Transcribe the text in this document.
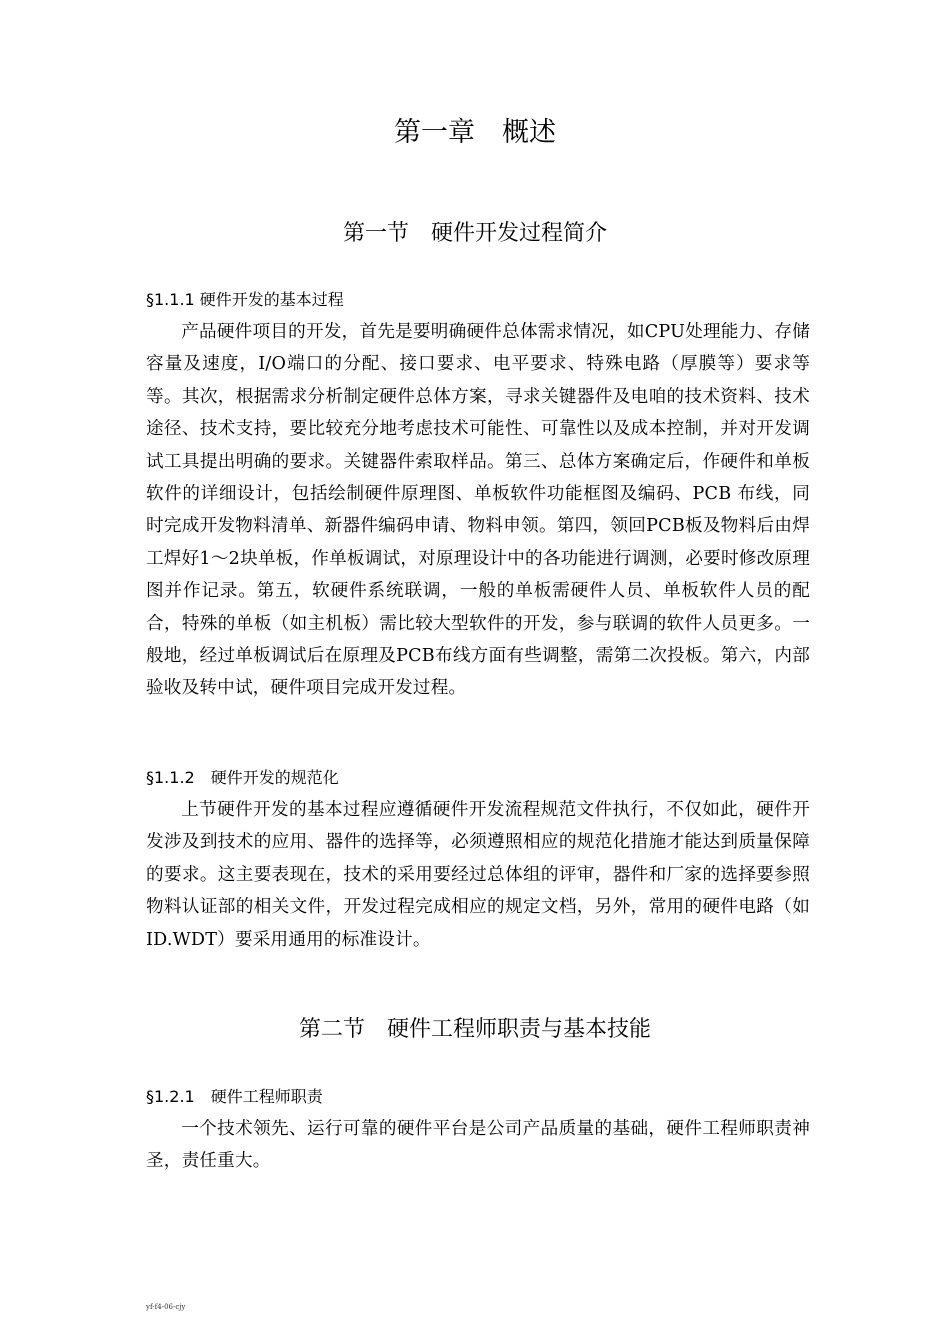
第一章　概述
第一节　硬件开发过程简介
§1.1.1 硬件开发的基本过程

产品硬件项目的开发，首先是要明确硬件总体需求情况，如CPU处理能力、存储容量及速度，I/O端口的分配、接口要求、电平要求、特殊电路（厚膜等）要求等等。其次，根据需求分析制定硬件总体方案，寻求关键器件及电咱的技术资料、技术途径、技术支持，要比较充分地考虑技术可能性、可靠性以及成本控制，并对开发调试工具提出明确的要求。关键器件索取样品。第三、总体方案确定后，作硬件和单板软件的详细设计，包括绘制硬件原理图、单板软件功能框图及编码、PCB 布线，同时完成开发物料清单、新器件编码申请、物料申领。第四，领回PCB板及物料后由焊工焊好1～2块单板，作单板调试，对原理设计中的各功能进行调测，必要时修改原理图并作记录。第五，软硬件系统联调，一般的单板需硬件人员、单板软件人员的配合，特殊的单板（如主机板）需比较大型软件的开发，参与联调的软件人员更多。一般地，经过单板调试后在原理及PCB布线方面有些调整，需第二次投板。第六，内部验收及转中试，硬件项目完成开发过程。

§1.1.2　硬件开发的规范化

上节硬件开发的基本过程应遵循硬件开发流程规范文件执行，不仅如此，硬件开发涉及到技术的应用、器件的选择等，必须遵照相应的规范化措施才能达到质量保障的要求。这主要表现在，技术的采用要经过总体组的评审，器件和厂家的选择要参照物料认证部的相关文件，开发过程完成相应的规定文档，另外，常用的硬件电路（如ID.WDT）要采用通用的标准设计。

第二节　硬件工程师职责与基本技能
§1.2.1　硬件工程师职责

一个技术领先、运行可靠的硬件平台是公司产品质量的基础，硬件工程师职责神圣，责任重大。

yf-f4-06-cjy
